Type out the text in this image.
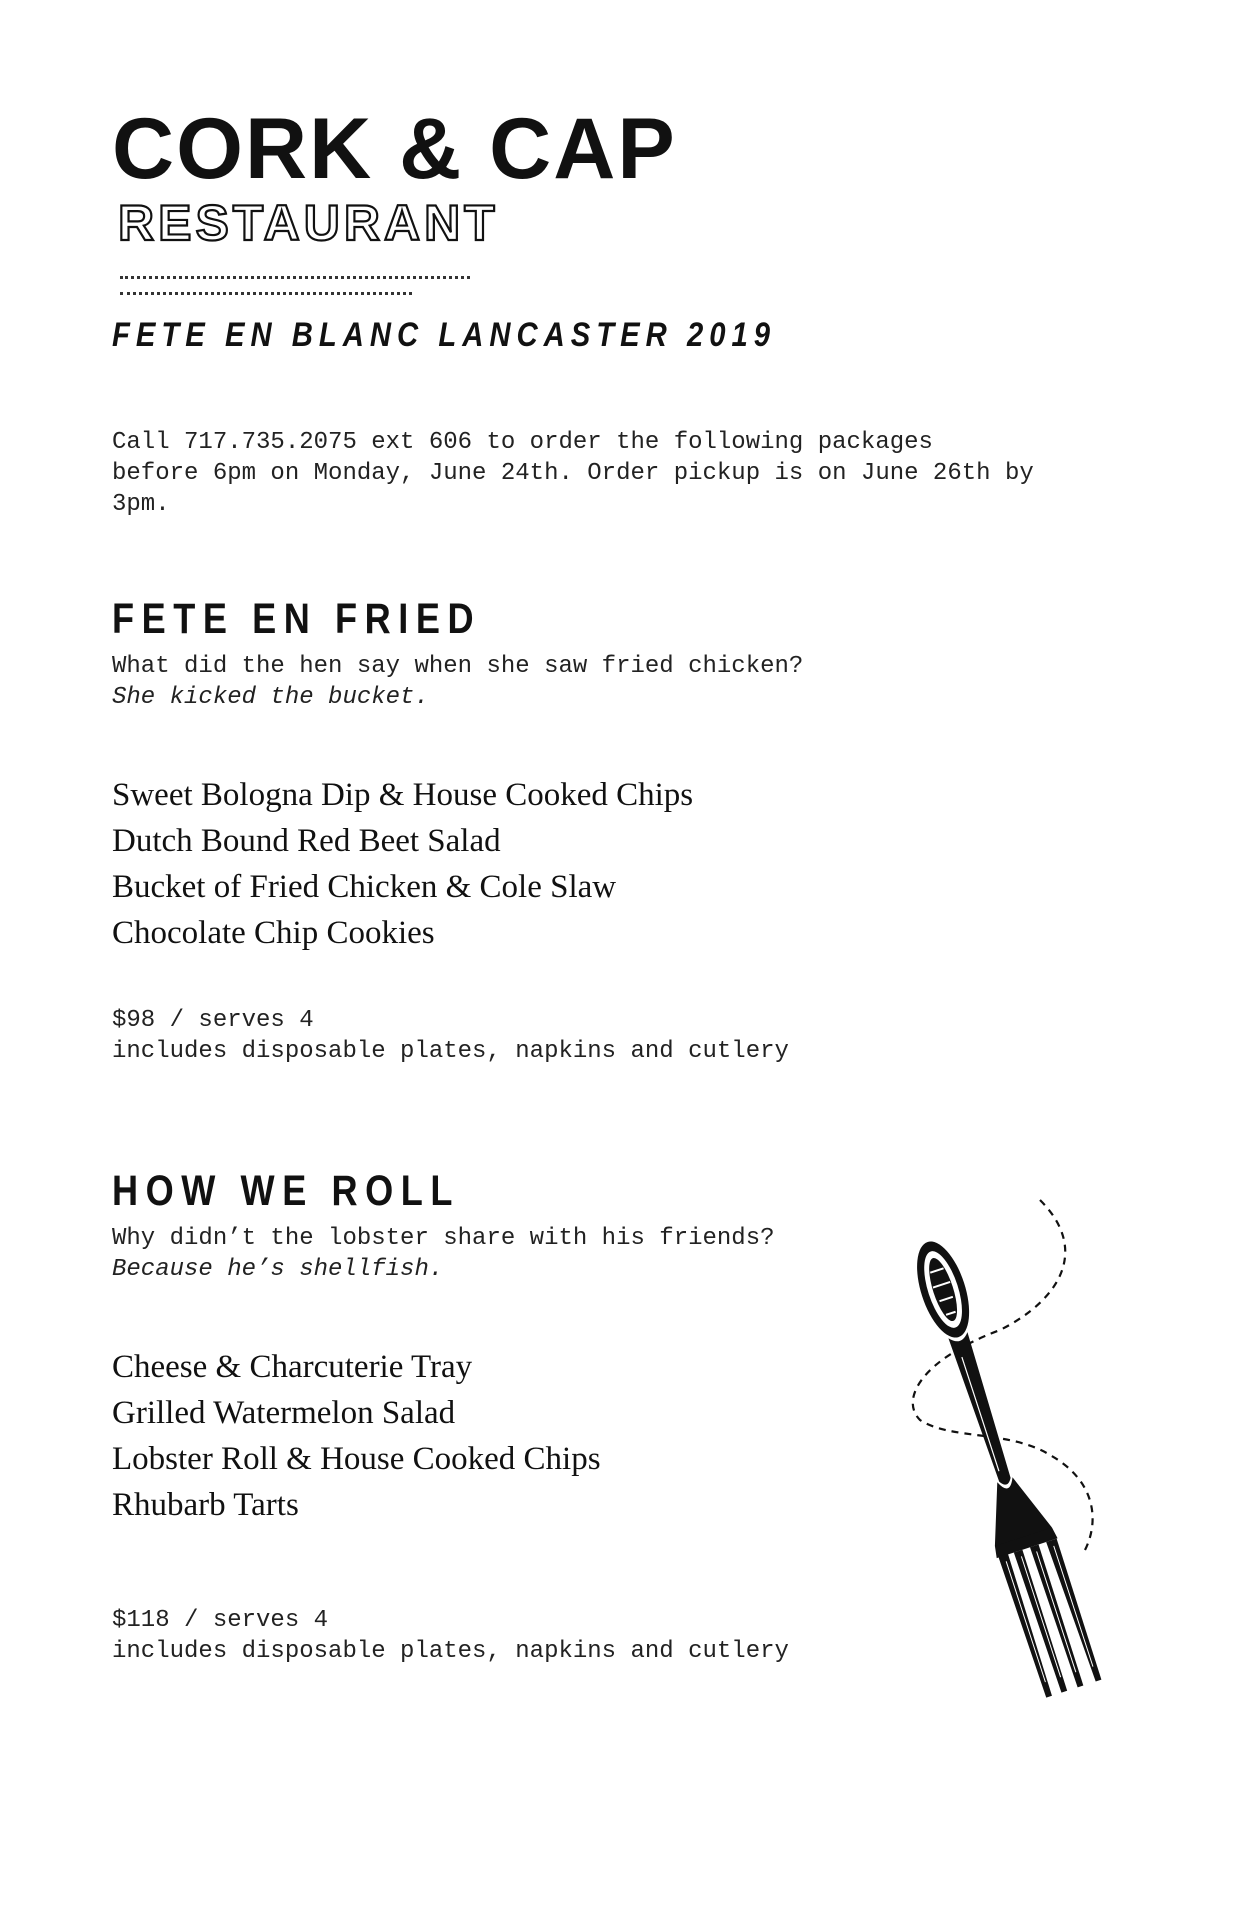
CORK & CAP
RESTAURANT
FETE EN BLANC LANCASTER 2019
Call 717.735.2075 ext 606 to order the following packages
before 6pm on Monday, June 24th. Order pickup is on June 26th by
3pm.
FETE EN FRIED
What did the hen say when she saw fried chicken?
She kicked the bucket.
Sweet Bologna Dip & House Cooked Chips
Dutch Bound Red Beet Salad
Bucket of Fried Chicken & Cole Slaw
Chocolate Chip Cookies
$98 / serves 4
includes disposable plates, napkins and cutlery
HOW WE ROLL
Why didn’t the lobster share with his friends?
Because he’s shellfish.
Cheese & Charcuterie Tray
Grilled Watermelon Salad
Lobster Roll & House Cooked Chips
Rhubarb Tarts
$118 / serves 4
includes disposable plates, napkins and cutlery
